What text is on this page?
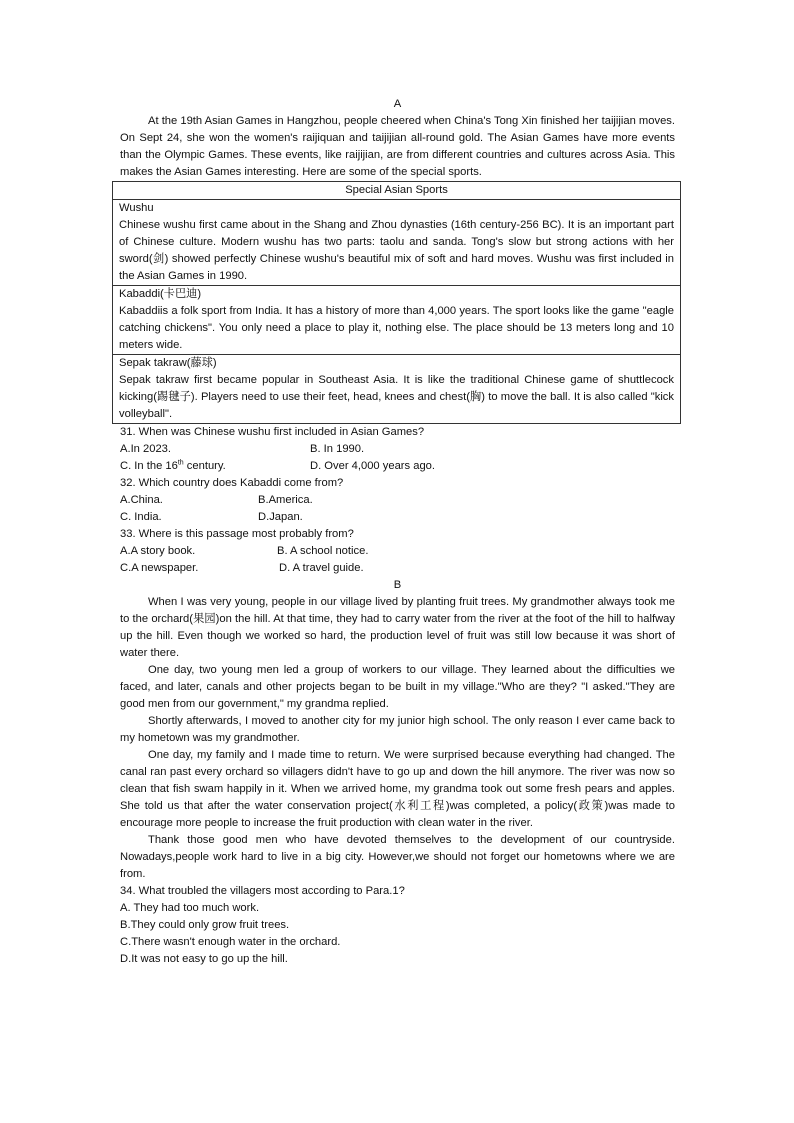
A

At the 19th Asian Games in Hangzhou, people cheered when China's Tong Xin finished her taijijian moves. On Sept 24, she won the women's raijiquan and taijijian all-round gold. The Asian Games have more events than the Olympic Games. These events, like raijijian, are from different countries and cultures across Asia. This makes the Asian Games interesting. Here are some of the special sports.

Special Asian Sports

Wushu
Chinese wushu first came about in the Shang and Zhou dynasties (16th century-256 BC). It is an important part of Chinese culture. Modern wushu has two parts: taolu and sanda. Tong's slow but strong actions with her sword(剑) showed perfectly Chinese wushu's beautiful mix of soft and hard moves. Wushu was first included in the Asian Games in 1990.

Kabaddi(卡巴迪)
Kabaddiis a folk sport from India. It has a history of more than 4,000 years. The sport looks like the game "eagle catching chickens". You only need a place to play it, nothing else. The place should be 13 meters long and 10 meters wide.

Sepak takraw(藤球)
Sepak takraw first became popular in Southeast Asia. It is like the traditional Chinese game of shuttlecock kicking(踢毽子). Players need to use their feet, head, knees and chest(胸) to move the ball. It is also called "kick volleyball".

31. When was Chinese wushu first included in Asian Games?

A.In 2023.	B. In 1990.
C. In the 16th century.	D. Over 4,000 years ago.

32. Which country does Kabaddi come from?

A.China.	B.America.
C. India.	D.Japan.

33. Where is this passage most probably from?

A.A story book.	B. A school notice.
C.A newspaper.	D. A travel guide.

B

When I was very young, people in our village lived by planting fruit trees. My grandmother always took me to the orchard(果园)on the hill. At that time, they had to carry water from the river at the foot of the hill to halfway up the hill. Even though we worked so hard, the production level of fruit was still low because it was short of water there.

One day, two young men led a group of workers to our village. They learned about the difficulties we faced, and later, canals and other projects began to be built in my village."Who are they? "I asked."They are good men from our government," my grandma replied.

Shortly afterwards, I moved to another city for my junior high school. The only reason I ever came back to my hometown was my grandmother.

One day, my family and I made time to return. We were surprised because everything had changed. The canal ran past every orchard so villagers didn't have to go up and down the hill anymore. The river was now so clean that fish swam happily in it. When we arrived home, my grandma took out some fresh pears and apples. She told us that after the water conservation project(水利工程)was completed, a policy(政策)was made to encourage more people to increase the fruit production with clean water in the river.

Thank those good men who have devoted themselves to the development of our countryside. Nowadays,people work hard to live in a big city. However,we should not forget our hometowns where we are from.

34. What troubled the villagers most according to Para.1?

A. They had too much work.

B.They could only grow fruit trees.

C.There wasn't enough water in the orchard.

D.It was not easy to go up the hill.
